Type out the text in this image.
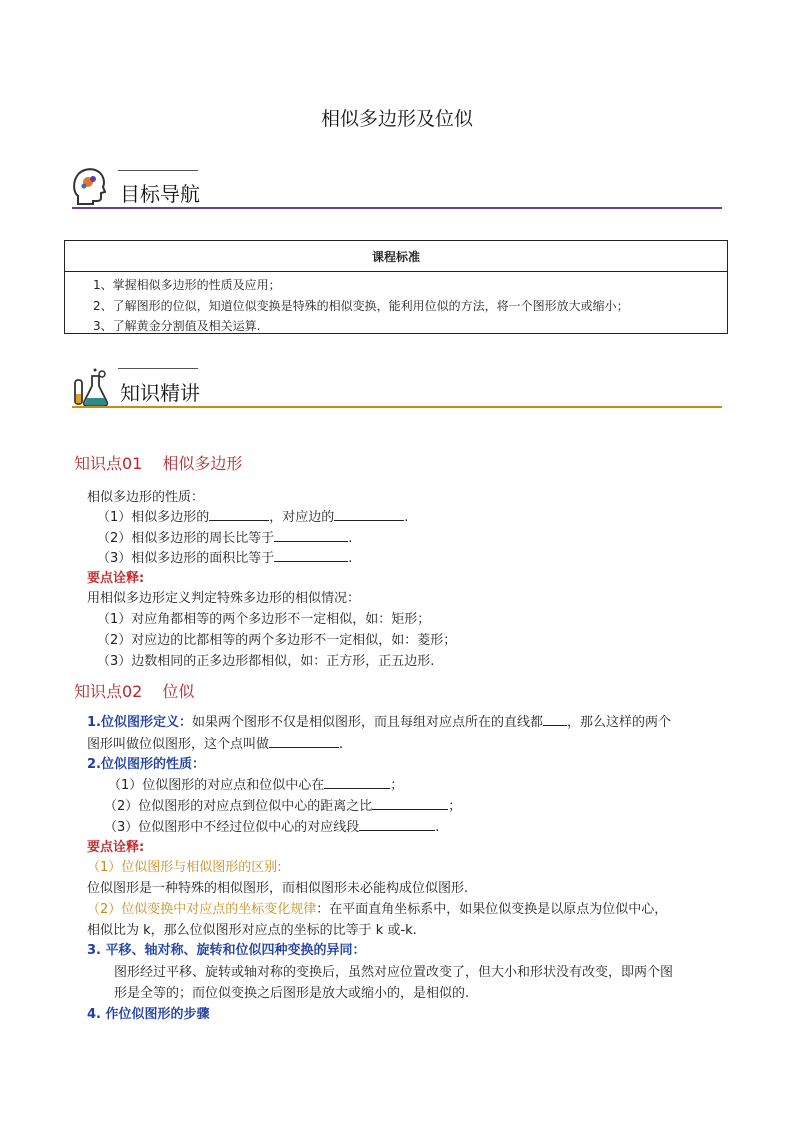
相似多边形及位似
目标导航
课程标准
1、掌握相似多边形的性质及应用；
2、了解图形的位似，知道位似变换是特殊的相似变换，能利用位似的方法，将一个图形放大或缩小；
3、了解黄金分割值及相关运算.
知识精讲
知识点01 相似多边形
相似多边形的性质：
（1）相似多边形的	，对应边的	.
（2）相似多边形的周长比等于	.
（3）相似多边形的面积比等于	.
要点诠释:
用相似多边形定义判定特殊多边形的相似情况：
（1）对应角都相等的两个多边形不一定相似，如：矩形；
（2）对应边的比都相等的两个多边形不一定相似，如：菱形；
（3）边数相同的正多边形都相似，如：正方形，正五边形.
知识点02 位似
1.位似图形定义：如果两个图形不仅是相似图形，而且每组对应点所在的直线都 ，那么这样的两个
图形叫做位似图形，这个点叫做	.
2.位似图形的性质：
（1）位似图形的对应点和位似中心在	；
（2）位似图形的对应点到位似中心的距离之比	；
（3）位似图形中不经过位似中心的对应线段	.
要点诠释:
（1）位似图形与相似图形的区别:
位似图形是一种特殊的相似图形，而相似图形未必能构成位似图形.
（2）位似变换中对应点的坐标变化规律：在平面直角坐标系中，如果位似变换是以原点为位似中心，
相似比为 k，那么位似图形对应点的坐标的比等于 k 或-k.
3. 平移、轴对称、旋转和位似四种变换的异同：
图形经过平移、旋转或轴对称的变换后，虽然对应位置改变了，但大小和形状没有改变，即两个图
形是全等的；而位似变换之后图形是放大或缩小的，是相似的.
4. 作位似图形的步骤
